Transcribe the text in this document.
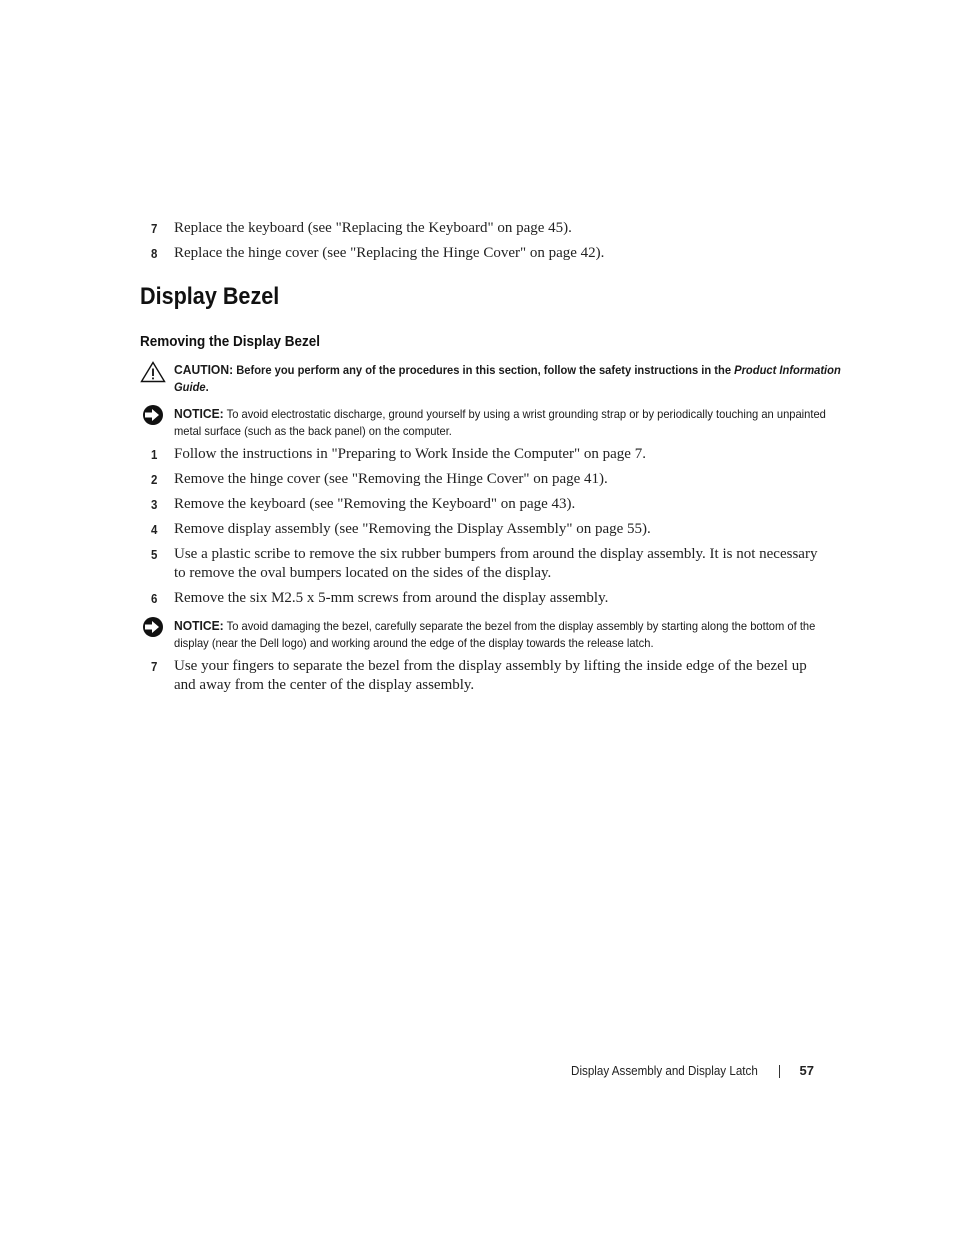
7 Replace the keyboard (see "Replacing the Keyboard" on page 45).
8 Replace the hinge cover (see "Replacing the Hinge Cover" on page 42).
Display Bezel
Removing the Display Bezel
CAUTION: Before you perform any of the procedures in this section, follow the safety instructions in the Product Information Guide.
NOTICE: To avoid electrostatic discharge, ground yourself by using a wrist grounding strap or by periodically touching an unpainted metal surface (such as the back panel) on the computer.
1 Follow the instructions in "Preparing to Work Inside the Computer" on page 7.
2 Remove the hinge cover (see "Removing the Hinge Cover" on page 41).
3 Remove the keyboard (see "Removing the Keyboard" on page 43).
4 Remove display assembly (see "Removing the Display Assembly" on page 55).
5 Use a plastic scribe to remove the six rubber bumpers from around the display assembly. It is not necessary to remove the oval bumpers located on the sides of the display.
6 Remove the six M2.5 x 5-mm screws from around the display assembly.
NOTICE: To avoid damaging the bezel, carefully separate the bezel from the display assembly by starting along the bottom of the display (near the Dell logo) and working around the edge of the display towards the release latch.
7 Use your fingers to separate the bezel from the display assembly by lifting the inside edge of the bezel up and away from the center of the display assembly.
Display Assembly and Display Latch	57
